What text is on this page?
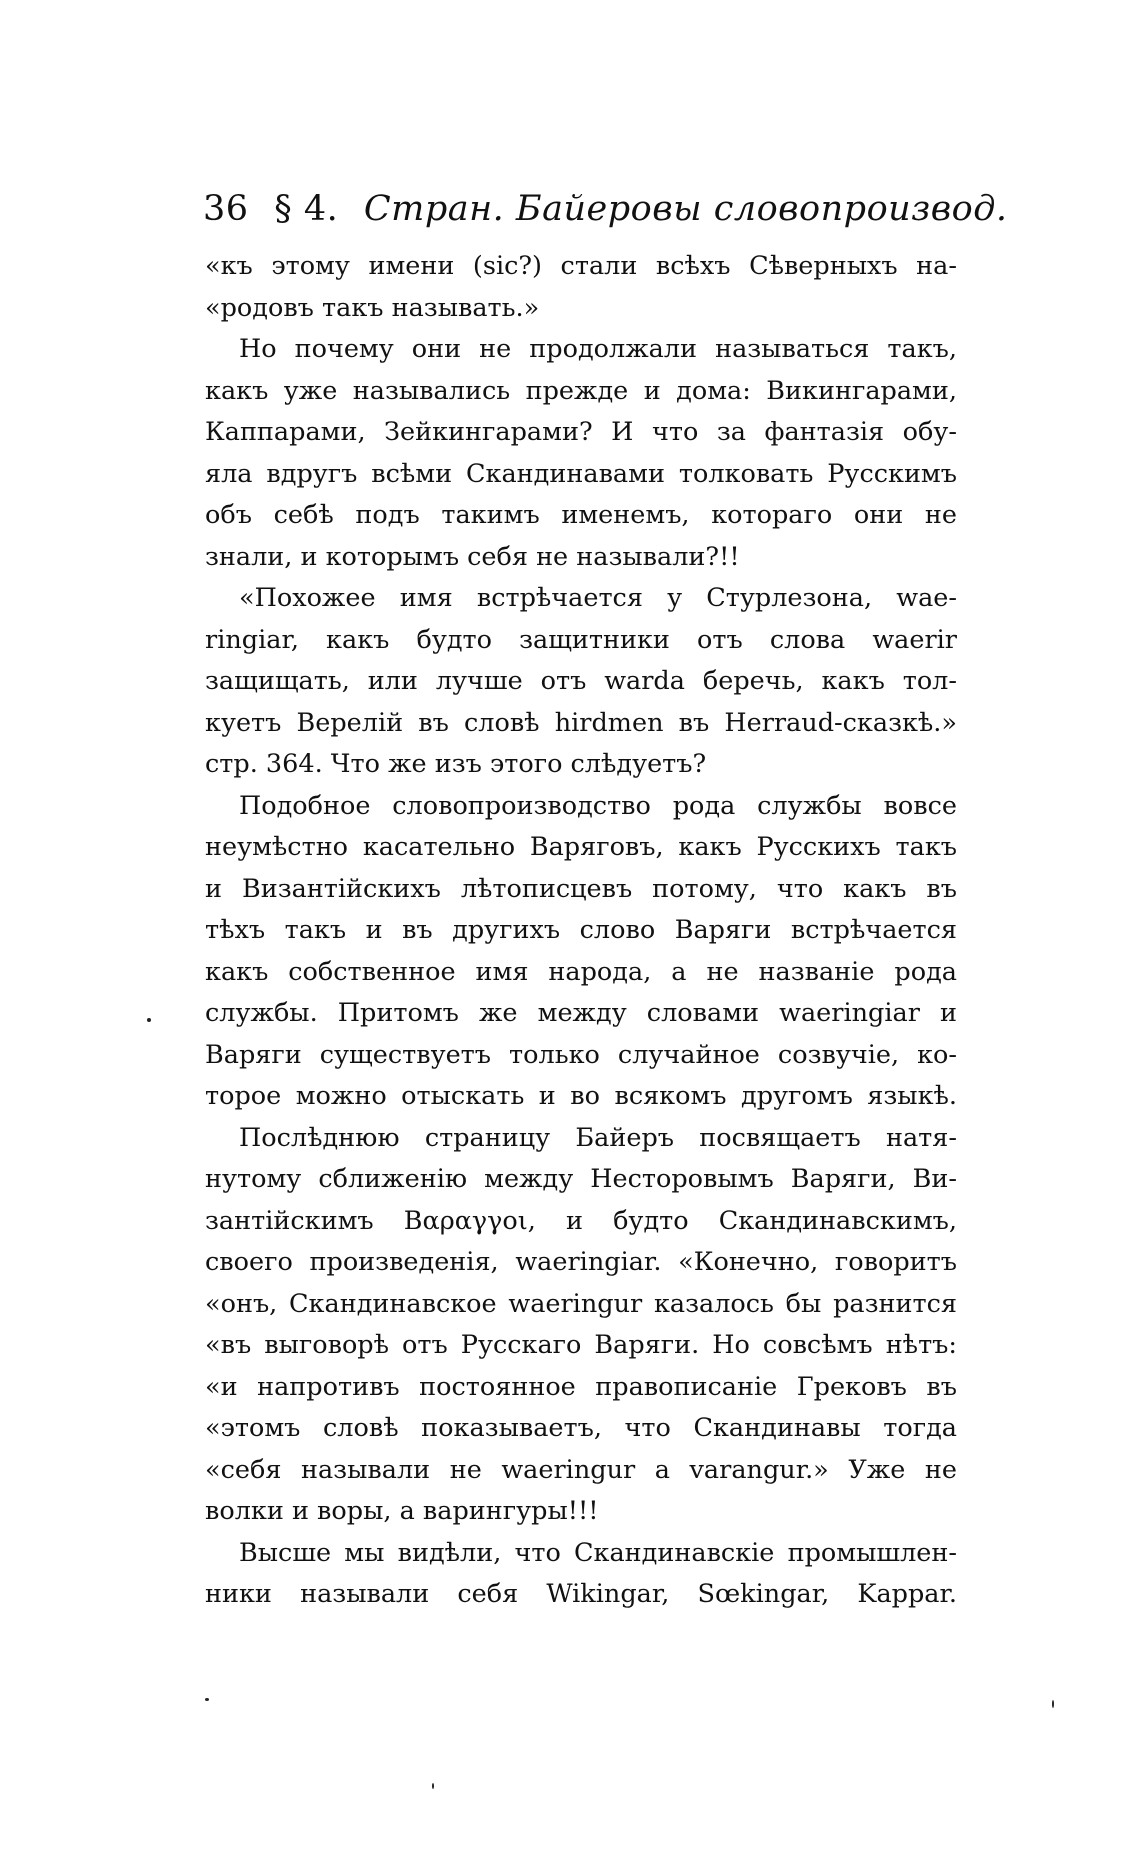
36 § 4. Стран. Байеровы словопроизвод.
«къ этому имени (sic?) стали всѣхъ Сѣверныхъ на-
«родовъ такъ называть.»
Но почему они не продолжали называться такъ,
какъ уже назывались прежде и дома: Викингарами,
Каппарами, Зейкингарами? И что за фантазія обу-
яла вдругъ всѣми Скандинавами толковать Русскимъ
объ себѣ подъ такимъ именемъ, котораго они не
знали, и которымъ себя не называли?!!
«Похожее имя встрѣчается у Стурлезона, wae-
ringiar, какъ будто защитники отъ слова waerir
защищать, или лучше отъ warda беречь, какъ тол-
куетъ Верелій въ словѣ hirdmen въ Herraud-сказкѣ.»
стр. 364. Что же изъ этого слѣдуетъ?
Подобное словопроизводство рода службы вовсе
неумѣстно касательно Варяговъ, какъ Русскихъ такъ
и Византійскихъ лѣтописцевъ потому, что какъ въ
тѣхъ такъ и въ другихъ слово Варяги встрѣчается
какъ собственное имя народа, а не названіе рода
службы. Притомъ же между словами waeringiar и
Варяги существуетъ только случайное созвучіе, ко-
торое можно отыскать и во всякомъ другомъ языкѣ.
Послѣднюю страницу Байеръ посвящаетъ натя-
нутому сближенію между Несторовымъ Варяги, Ви-
зантійскимъ Βαραγγοι, и будто Скандинавскимъ,
своего произведенія, waeringiar. «Конечно, говоритъ
«онъ, Скандинавское waeringur казалось бы разнится
«въ выговорѣ отъ Русскаго Варяги. Но совсѣмъ нѣтъ:
«и напротивъ постоянное правописаніе Грековъ въ
«этомъ словѣ показываетъ, что Скандинавы тогда
«себя называли не waeringur а varangur.» Уже не
волки и воры, а варингуры!!!
Высше мы видѣли, что Скандинавскіе промышлен-
ники называли себя Wikingar, Sœkingar, Kappar.
